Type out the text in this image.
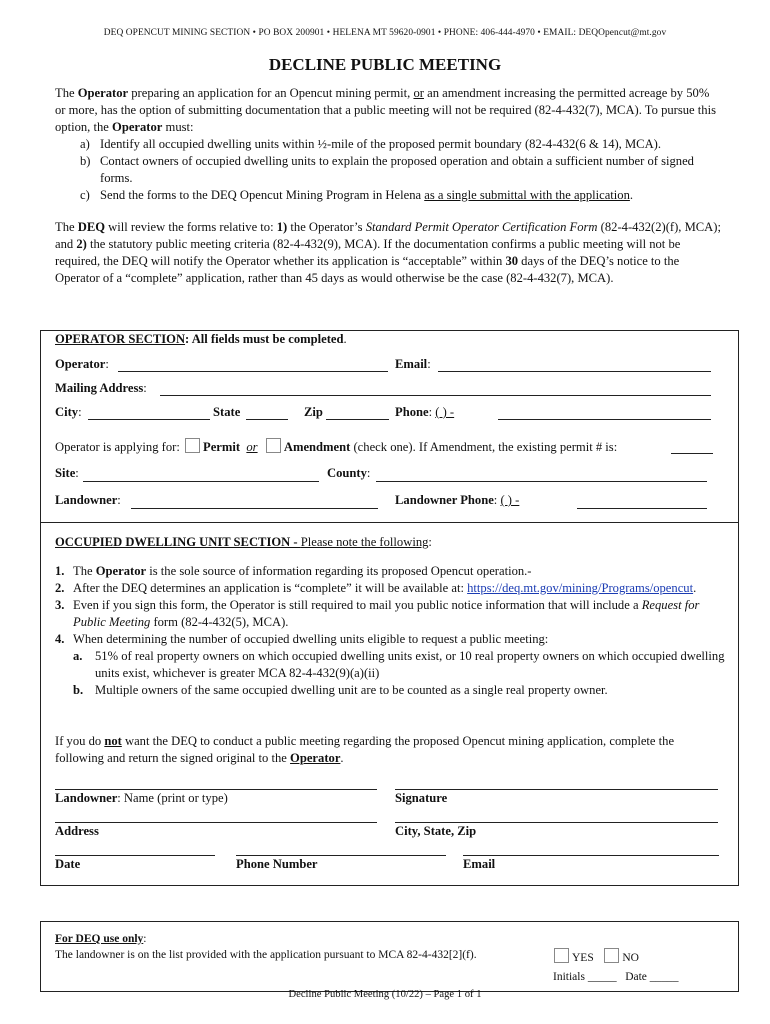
DEQ OPENCUT MINING SECTION • PO BOX 200901 • HELENA MT 59620-0901 • PHONE: 406-444-4970 • EMAIL: DEQOpencut@mt.gov
DECLINE PUBLIC MEETING
The Operator preparing an application for an Opencut mining permit, or an amendment increasing the permitted acreage by 50% or more, has the option of submitting documentation that a public meeting will not be required (82-4-432(7), MCA). To pursue this option, the Operator must:
a) Identify all occupied dwelling units within ½-mile of the proposed permit boundary (82-4-432(6 & 14), MCA).
b) Contact owners of occupied dwelling units to explain the proposed operation and obtain a sufficient number of signed forms.
c) Send the forms to the DEQ Opencut Mining Program in Helena as a single submittal with the application.
The DEQ will review the forms relative to: 1) the Operator’s Standard Permit Operator Certification Form (82-4-432(2)(f), MCA); and 2) the statutory public meeting criteria (82-4-432(9), MCA). If the documentation confirms a public meeting will not be required, the DEQ will notify the Operator whether its application is “acceptable” within 30 days of the DEQ’s notice to the Operator of a “complete” application, rather than 45 days as would otherwise be the case (82-4-432(7), MCA).
OPERATOR SECTION: All fields must be completed.
Operator:	Email:
Mailing Address:
City:	State	Zip	Phone: ( ) -
Operator is applying for: Permit or Amendment (check one). If Amendment, the existing permit # is:
Site:	County:
Landowner:	Landowner Phone: ( ) -
OCCUPIED DWELLING UNIT SECTION - Please note the following:
1. The Operator is the sole source of information regarding its proposed Opencut operation.-
2. After the DEQ determines an application is “complete” it will be available at: https://deq.mt.gov/mining/Programs/opencut.
3. Even if you sign this form, the Operator is still required to mail you public notice information that will include a Request for Public Meeting form (82-4-432(5), MCA).
4. When determining the number of occupied dwelling units eligible to request a public meeting:
a. 51% of real property owners on which occupied dwelling units exist, or 10 real property owners on which occupied dwelling units exist, whichever is greater MCA 82-4-432(9)(a)(ii)
b. Multiple owners of the same occupied dwelling unit are to be counted as a single real property owner.
If you do not want the DEQ to conduct a public meeting regarding the proposed Opencut mining application, complete the following and return the signed original to the Operator.
Landowner: Name (print or type)	Signature
Address	City, State, Zip
Date	Phone Number	Email
For DEQ use only:
The landowner is on the list provided with the application pursuant to MCA 82-4-432[2](f).	YES NO
Initials _____ Date _____
Decline Public Meeting (10/22) – Page 1 of 1
